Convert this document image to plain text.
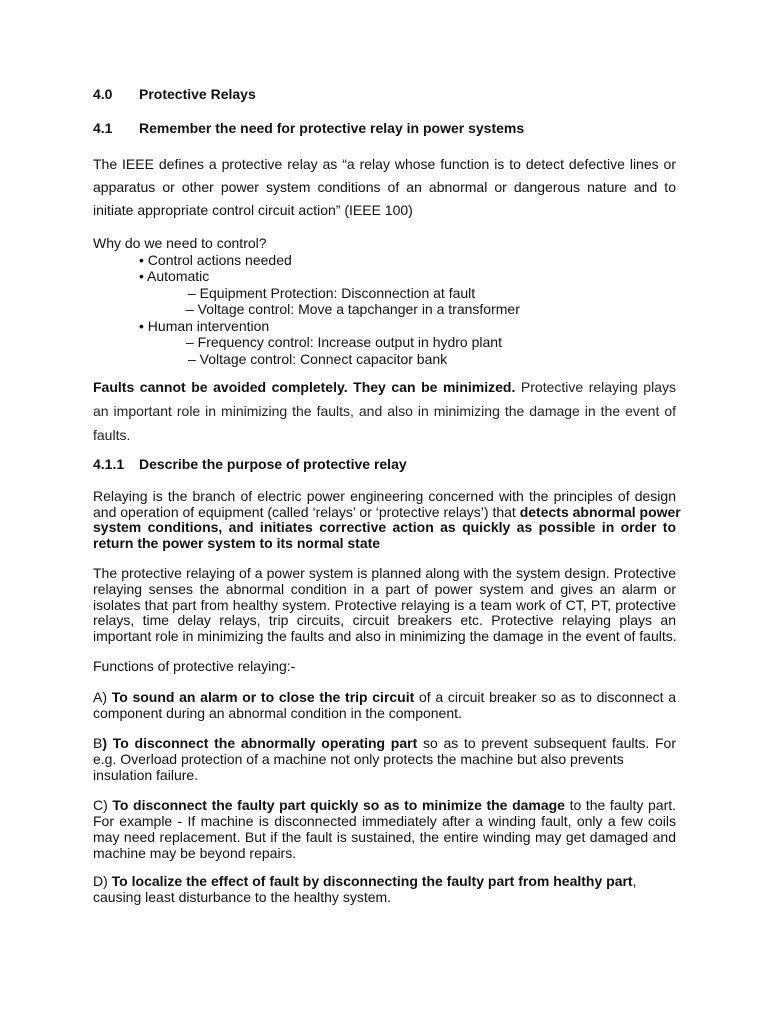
4.0 Protective Relays
4.1 Remember the need for protective relay in power systems
The IEEE defines a protective relay as “a relay whose function is to detect defective lines or
apparatus or other power system conditions of an abnormal or dangerous nature and to
initiate appropriate control circuit action” (IEEE 100)
Why do we need to control?
• Control actions needed
• Automatic
– Equipment Protection: Disconnection at fault
– Voltage control: Move a tapchanger in a transformer
• Human intervention
– Frequency control: Increase output in hydro plant
– Voltage control: Connect capacitor bank
Faults cannot be avoided completely. They can be minimized. Protective relaying plays
an important role in minimizing the faults, and also in minimizing the damage in the event of
faults.
4.1.1 Describe the purpose of protective relay
Relaying is the branch of electric power engineering concerned with the principles of design
and operation of equipment (called ‘relays’ or ‘protective relays’) that detects abnormal power
system conditions, and initiates corrective action as quickly as possible in order to
return the power system to its normal state
The protective relaying of a power system is planned along with the system design. Protective
relaying senses the abnormal condition in a part of power system and gives an alarm or
isolates that part from healthy system. Protective relaying is a team work of CT, PT, protective
relays, time delay relays, trip circuits, circuit breakers etc. Protective relaying plays an
important role in minimizing the faults and also in minimizing the damage in the event of faults.
Functions of protective relaying:-
A) To sound an alarm or to close the trip circuit of a circuit breaker so as to disconnect a
component during an abnormal condition in the component.
B) To disconnect the abnormally operating part so as to prevent subsequent faults. For
e.g. Overload protection of a machine not only protects the machine but also prevents
insulation failure.
C) To disconnect the faulty part quickly so as to minimize the damage to the faulty part.
For example - If machine is disconnected immediately after a winding fault, only a few coils
may need replacement. But if the fault is sustained, the entire winding may get damaged and
machine may be beyond repairs.
D) To localize the effect of fault by disconnecting the faulty part from healthy part,
causing least disturbance to the healthy system.
